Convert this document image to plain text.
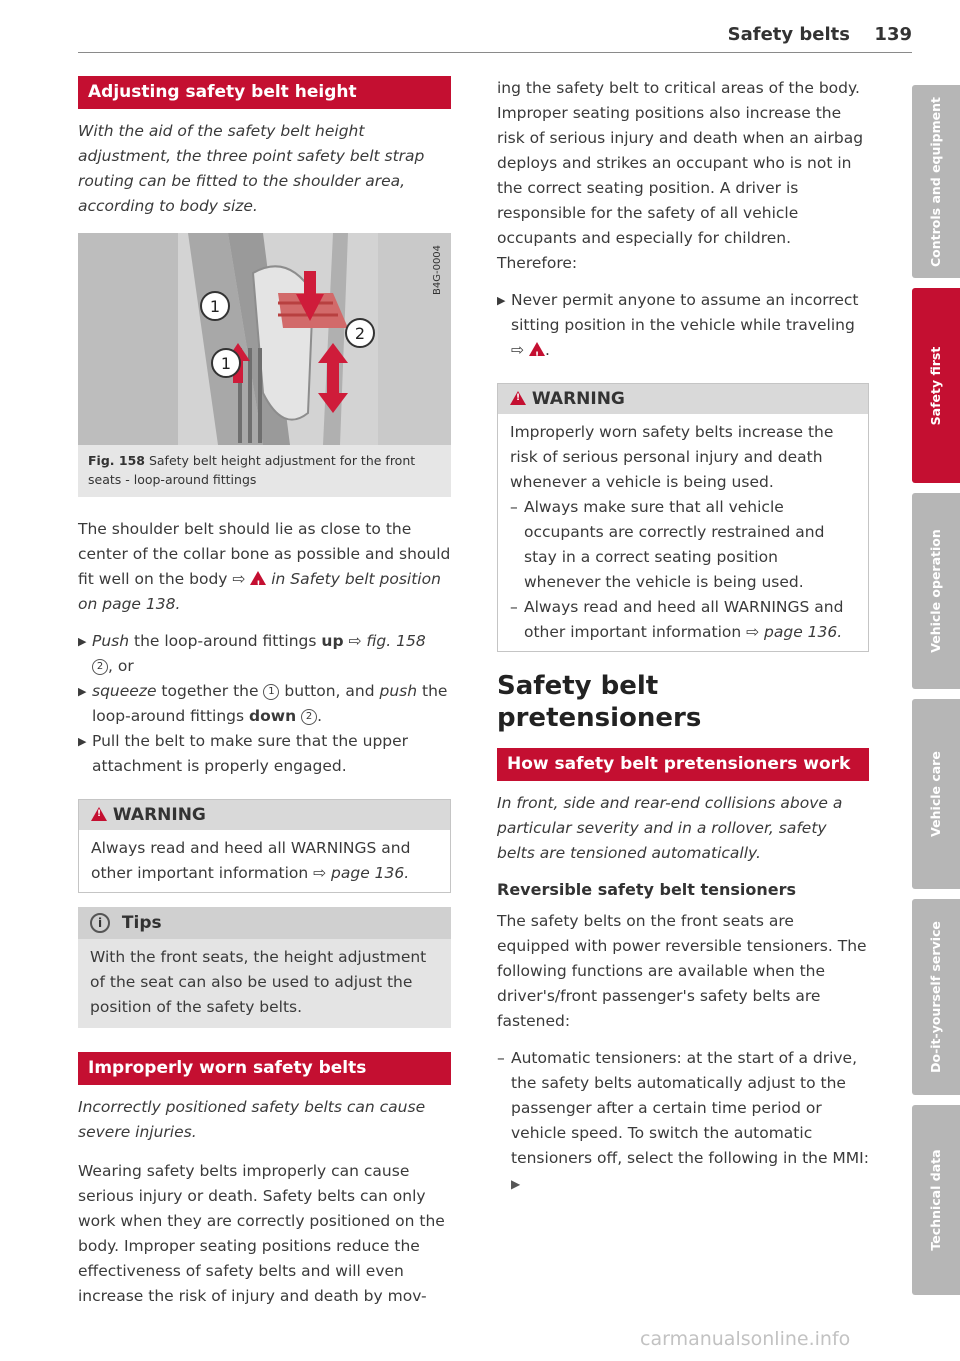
Safety belts 139
Adjusting safety belt height
With the aid of the safety belt height adjustment, the three point safety belt strap routing can be fitted to the shoulder area, according to body size.
1
1
2
B4G-0004
Fig. 158 Safety belt height adjustment for the front seats - loop-around fittings

The shoulder belt should lie as close to the center of the collar bone as possible and should fit well on the body ⇨ ! in Safety belt position on page 138.

▶ Push the loop-around fittings up ⇨ fig. 158
2 , or
▶ squeeze together the 1 button, and push the loop-around fittings down 2 .
▶ Pull the belt to make sure that the upper attachment is properly engaged.
! WARNING

Always read and heed all WARNINGS and other important information ⇨ page 136.

i Tips

With the front seats, the height adjustment of the seat can also be used to adjust the position of the safety belts.

Improperly worn safety belts
Incorrectly positioned safety belts can cause severe injuries.

Wearing safety belts improperly can cause serious injury or death. Safety belts can only work when they are correctly positioned on the body. Improper seating positions reduce the effectiveness of safety belts and will even increase the risk of injury and death by mov-

ing the safety belt to critical areas of the body. Improper seating positions also increase the risk of serious injury and death when an airbag deploys and strikes an occupant who is not in the correct seating position. A driver is responsible for the safety of all vehicle occupants and especially for children. Therefore:

▶ Never permit anyone to assume an incorrect sitting position in the vehicle while traveling ⇨ ! .
! WARNING

Improperly worn safety belts increase the risk of serious personal injury and death whenever a vehicle is being used.

– Always make sure that all vehicle occupants are correctly restrained and stay in a correct seating position whenever the vehicle is being used.
– Always read and heed all WARNINGS and other important information ⇨ page 136.
Safety belt pretensioners
How safety belt pretensioners work
In front, side and rear-end collisions above a particular severity and in a rollover, safety belts are tensioned automatically.
Reversible safety belt tensioners

The safety belts on the front seats are equipped with power reversible tensioners. The following functions are available when the driver's/front passenger's safety belts are fastened:

– Automatic tensioners: at the start of a drive, the safety belts automatically adjust to the passenger after a certain time period or vehicle speed. To switch the automatic tensioners off, select the following in the MMI: ▶
Controls and equipment
Safety first
Vehicle operation
Vehicle care
Do-it-yourself service
Technical data
carmanualsonline.info
